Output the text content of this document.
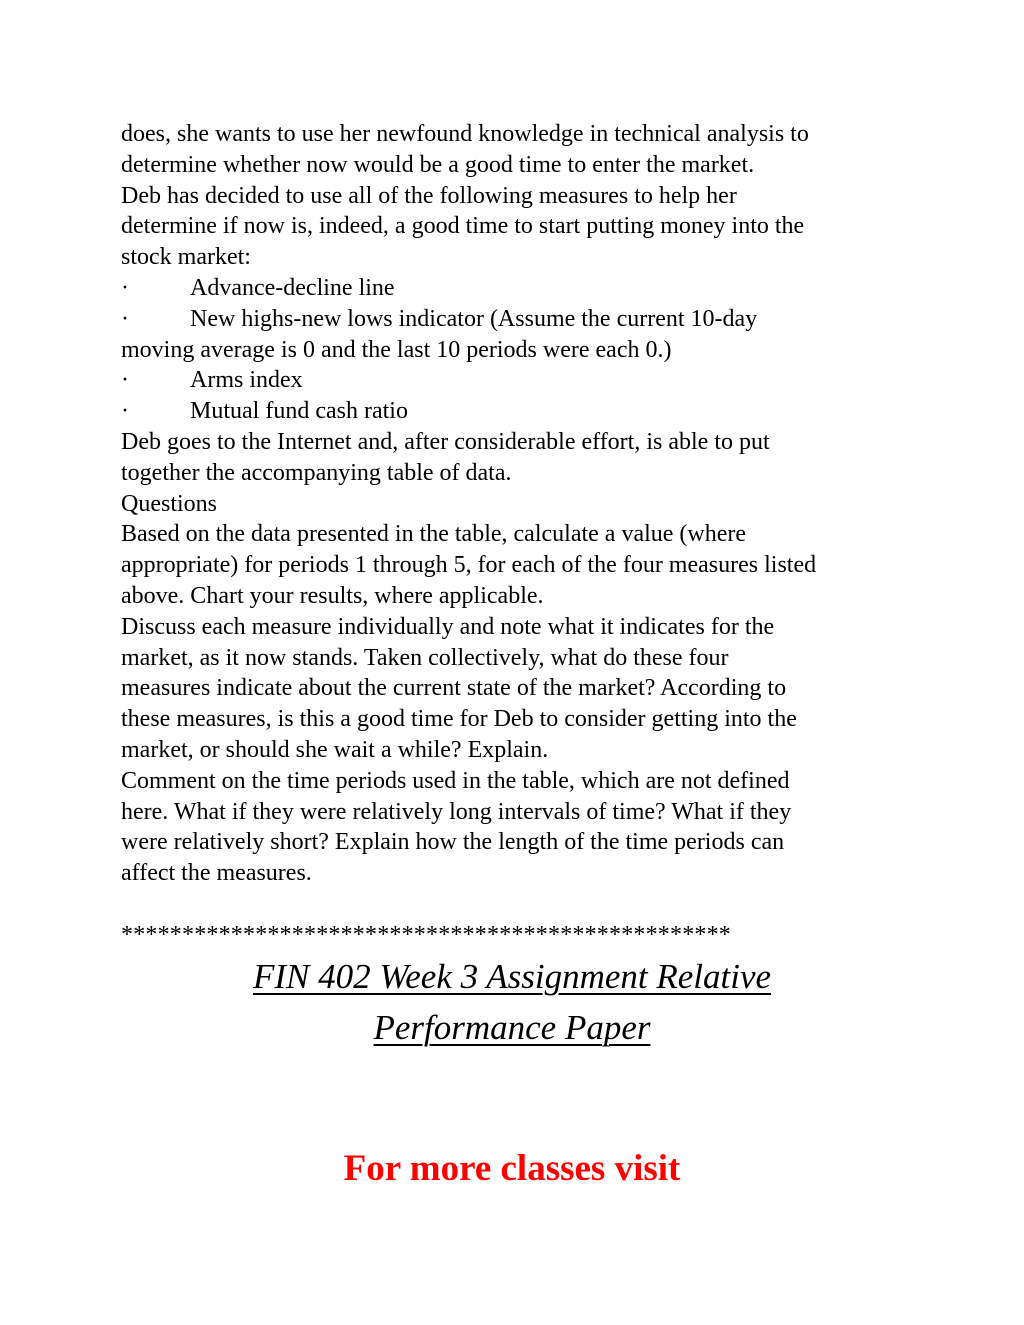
does, she wants to use her newfound knowledge in technical analysis to
determine whether now would be a good time to enter the market.
Deb has decided to use all of the following measures to help her
determine if now is, indeed, a good time to start putting money into the
stock market:
·	Advance-decline line
·	New highs-new lows indicator (Assume the current 10-day
moving average is 0 and the last 10 periods were each 0.)
·	Arms index
·	Mutual fund cash ratio
Deb goes to the Internet and, after considerable effort, is able to put
together the accompanying table of data.
Questions
Based on the data presented in the table, calculate a value (where
appropriate) for periods 1 through 5, for each of the four measures listed
above. Chart your results, where applicable.
Discuss each measure individually and note what it indicates for the
market, as it now stands. Taken collectively, what do these four
measures indicate about the current state of the market? According to
these measures, is this a good time for Deb to consider getting into the
market, or should she wait a while? Explain.
Comment on the time periods used in the table, which are not defined
here. What if they were relatively long intervals of time? What if they
were relatively short? Explain how the length of the time periods can
affect the measures.
**************************************************
FIN 402 Week 3 Assignment Relative
Performance Paper
For more classes visit
